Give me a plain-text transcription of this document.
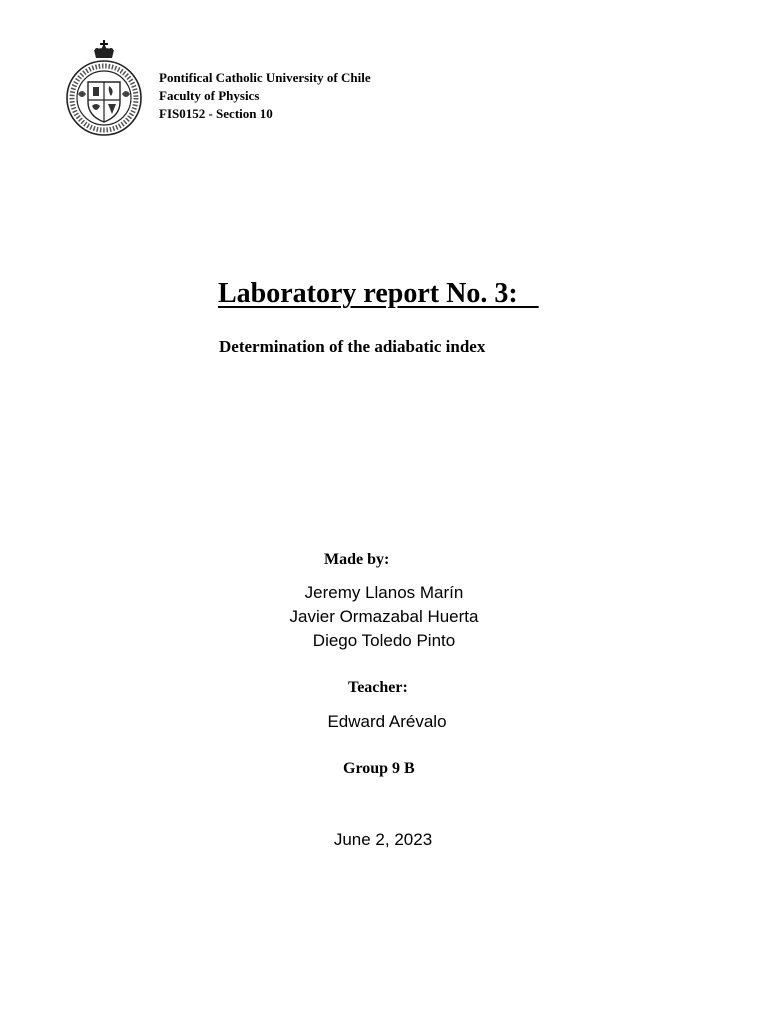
Pontifical Catholic University of Chile
Faculty of Physics
FIS0152 - Section 10
Laboratory report No. 3:
Determination of the adiabatic index
Made by:
Jeremy Llanos Marín
Javier Ormazabal Huerta
Diego Toledo Pinto
Teacher:
Edward Arévalo
Group 9 B
June 2, 2023
